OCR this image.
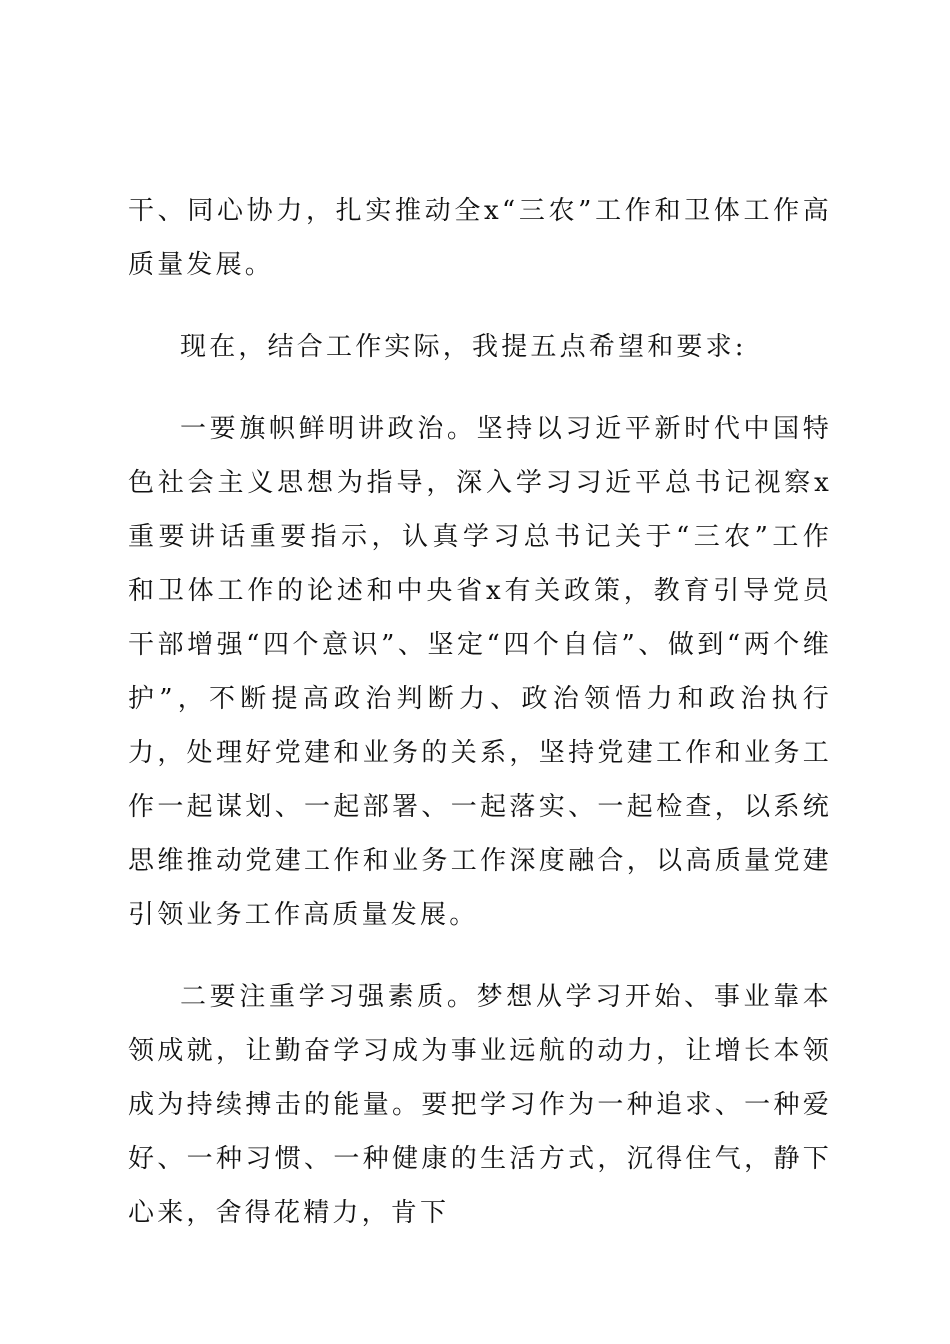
干、同心协力，扎实推动全x“三农”工作和卫体工作高质量发展。

现在，结合工作实际，我提五点希望和要求:

一要旗帜鲜明讲政治。坚持以习近平新时代中国特色社会主义思想为指导，深入学习习近平总书记视察x重要讲话重要指示，认真学习总书记关于“三农”工作和卫体工作的论述和中央省x有关政策，教育引导党员干部增强“四个意识”、坚定“四个自信”、做到“两个维护”，不断提高政治判断力、政治领悟力和政治执行力，处理好党建和业务的关系，坚持党建工作和业务工作一起谋划、一起部署、一起落实、一起检查，以系统思维推动党建工作和业务工作深度融合，以高质量党建引领业务工作高质量发展。

二要注重学习强素质。梦想从学习开始、事业靠本领成就，让勤奋学习成为事业远航的动力，让增长本领成为持续搏击的能量。要把学习作为一种追求、一种爱好、一种习惯、一种健康的生活方式，沉得住气，静下心来，舍得花精力，肯下
